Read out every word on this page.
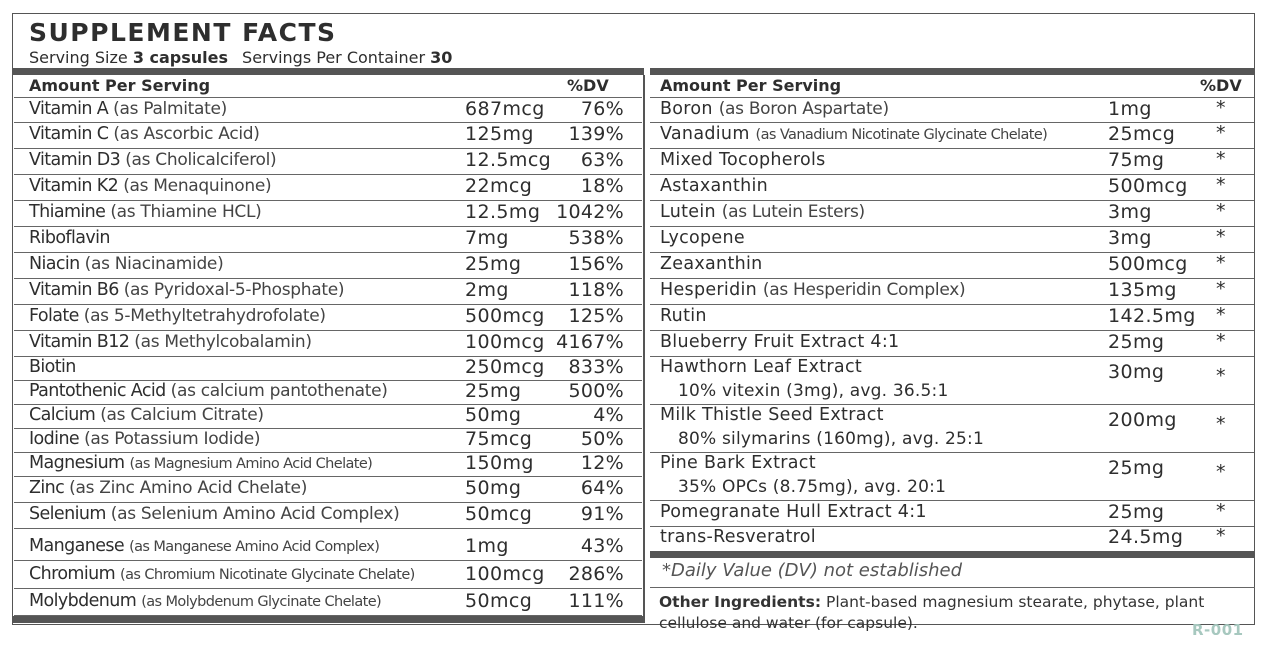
SUPPLEMENT FACTS
Serving Size 3 capsules Servings Per Container 30
Amount Per Serving	%DV
Vitamin A (as Palmitate)	687mcg 76%
Vitamin C (as Ascorbic Acid)	125mg 139%
Vitamin D3 (as Cholicalciferol)	12.5mcg 63%
Vitamin K2 (as Menaquinone)	22mcg	18%
Thiamine (as Thiamine HCL)	12.5mg 1042%
Riboflavin	7mg	538%
Niacin (as Niacinamide)	25mg 156%
Vitamin B6 (as Pyridoxal-5-Phosphate)	2mg	118%
Folate (as 5-Methyltetrahydrofolate)	500mcg 125%
Vitamin B12 (as Methylcobalamin)	100mcg 4167%
Biotin	250mcg 833%
Pantothenic Acid (as calcium pantothenate)	25mg 500%
Calcium (as Calcium Citrate)	50mg	4%
Iodine (as Potassium Iodide)	75mcg	50%
Magnesium (as Magnesium Amino Acid Chelate)	150mg 12%
Zinc (as Zinc Amino Acid Chelate)	50mg	64%
Selenium (as Selenium Amino Acid Complex)	50mcg	91%
Manganese (as Manganese Amino Acid Complex)	1mg	43%
Chromium (as Chromium Nicotinate Glycinate Chelate)	100mcg 286%
Molybdenum (as Molybdenum Glycinate Chelate)	50mcg 111%
Amount Per Serving	%DV
Boron (as Boron Aspartate)	1mg	*
Vanadium (as Vanadium Nicotinate Glycinate Chelate)	25mcg *
Mixed Tocopherols	75mg	*
Astaxanthin	500mcg *
Lutein (as Lutein Esters)	3mg	*
Lycopene	3mg	*
Zeaxanthin	500mcg *
Hesperidin (as Hesperidin Complex)	135mg *
Rutin	142.5mg *
Blueberry Fruit Extract 4:1	25mg	*
Hawthorn Leaf Extract
10% vitexin (3mg), avg. 36.5:1
30mg	*
Milk Thistle Seed Extract
80% silymarins (160mg), avg. 25:1
200mg *
Pine Bark Extract
35% OPCs (8.75mg), avg. 20:1
25mg	*
Pomegranate Hull Extract 4:1	25mg	*
trans-Resveratrol	24.5mg *
*Daily Value (DV) not established
Other Ingredients: Plant-based magnesium stearate, phytase, plant cellulose and water (for capsule).	R-001
